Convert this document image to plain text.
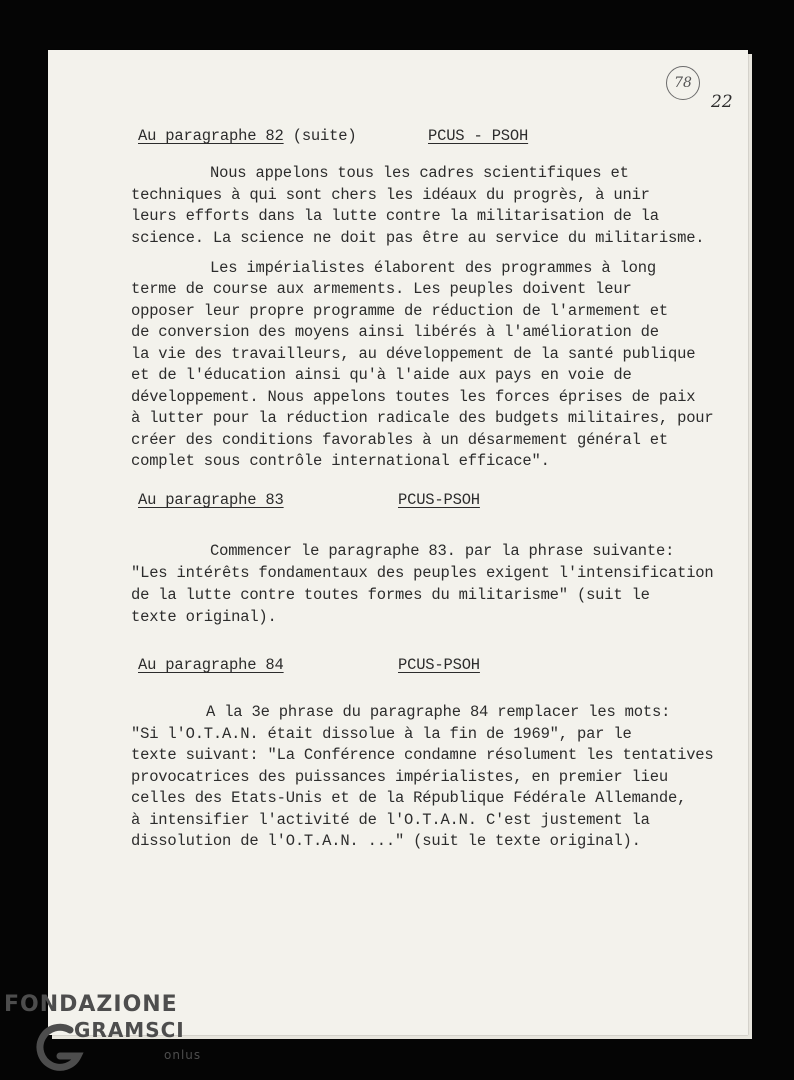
78
22
Au paragraphe 82 (suite)	PCUS - PSOH
Nous appelons tous les cadres scientifiques et
techniques à qui sont chers les idéaux du progrès, à unir
leurs efforts dans la lutte contre la militarisation de la
science. La science ne doit pas être au service du militarisme.
Les impérialistes élaborent des programmes à long
terme de course aux armements. Les peuples doivent leur
opposer leur propre programme de réduction de l'armement et
de conversion des moyens ainsi libérés à l'amélioration de
la vie des travailleurs, au développement de la santé publique
et de l'éducation ainsi qu'à l'aide aux pays en voie de
développement. Nous appelons toutes les forces éprises de paix
à lutter pour la réduction radicale des budgets militaires, pour
créer des conditions favorables à un désarmement général et
complet sous contrôle international efficace".
Au paragraphe 83	PCUS-PSOH
Commencer le paragraphe 83. par la phrase suivante:
"Les intérêts fondamentaux des peuples exigent l'intensification
de la lutte contre toutes formes du militarisme" (suit le
texte original).
Au paragraphe 84	PCUS-PSOH
A la 3e phrase du paragraphe 84 remplacer les mots:
"Si l'O.T.A.N. était dissolue à la fin de 1969", par le
texte suivant: "La Conférence condamne résolument les tentatives
provocatrices des puissances impérialistes, en premier lieu
celles des Etats-Unis et de la République Fédérale Allemande,
à intensifier l'activité de l'O.T.A.N. C'est justement la
dissolution de l'O.T.A.N. ..." (suit le texte original).
FONDAZIONE
GRAMSCI
onlus
